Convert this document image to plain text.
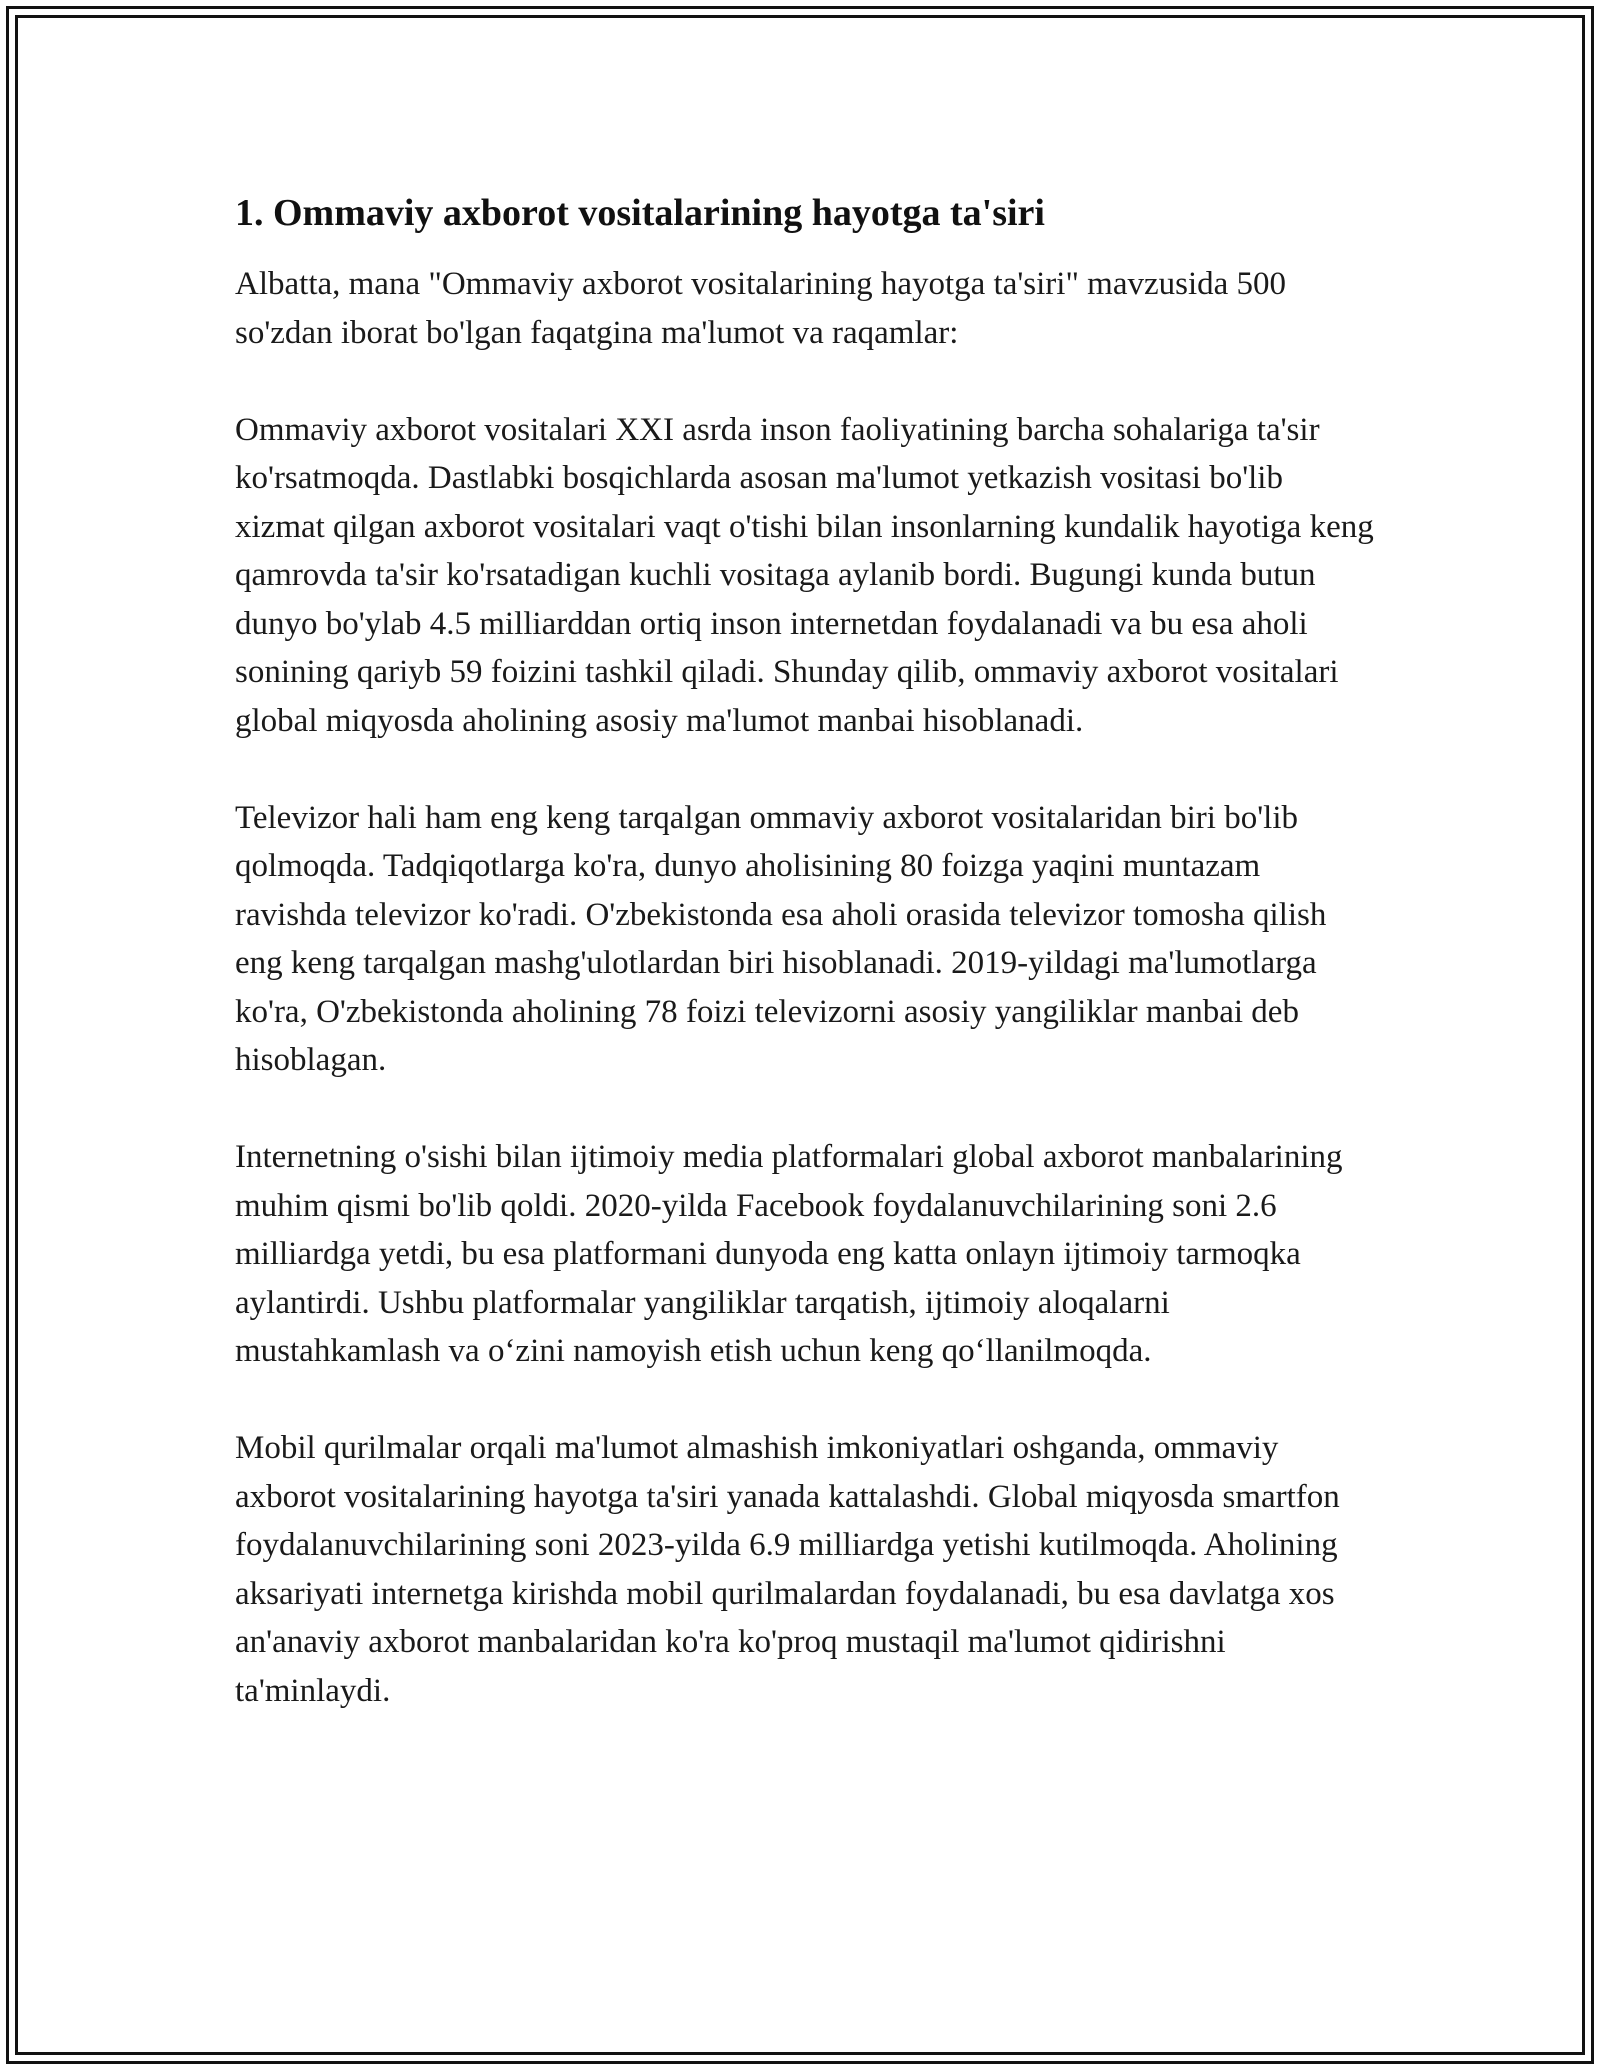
1. Ommaviy axborot vositalarining hayotga ta'siri

Albatta, mana "Ommaviy axborot vositalarining hayotga ta'siri" mavzusida 500 so'zdan iborat bo'lgan faqatgina ma'lumot va raqamlar:

Ommaviy axborot vositalari XXI asrda inson faoliyatining barcha sohalariga ta'sir ko'rsatmoqda. Dastlabki bosqichlarda asosan ma'lumot yetkazish vositasi bo'lib xizmat qilgan axborot vositalari vaqt o'tishi bilan insonlarning kundalik hayotiga keng qamrovda ta'sir ko'rsatadigan kuchli vositaga aylanib bordi. Bugungi kunda butun dunyo bo'ylab 4.5 milliarddan ortiq inson internetdan foydalanadi va bu esa aholi sonining qariyb 59 foizini tashkil qiladi. Shunday qilib, ommaviy axborot vositalari global miqyosda aholining asosiy ma'lumot manbai hisoblanadi.

Televizor hali ham eng keng tarqalgan ommaviy axborot vositalaridan biri bo'lib qolmoqda. Tadqiqotlarga ko'ra, dunyo aholisining 80 foizga yaqini muntazam ravishda televizor ko'radi. O'zbekistonda esa aholi orasida televizor tomosha qilish eng keng tarqalgan mashg'ulotlardan biri hisoblanadi. 2019-yildagi ma'lumotlarga ko'ra, O'zbekistonda aholining 78 foizi televizorni asosiy yangiliklar manbai deb hisoblagan.

Internetning o'sishi bilan ijtimoiy media platformalari global axborot manbalarining muhim qismi bo'lib qoldi. 2020-yilda Facebook foydalanuvchilarining soni 2.6 milliardga yetdi, bu esa platformani dunyoda eng katta onlayn ijtimoiy tarmoqka aylantirdi. Ushbu platformalar yangiliklar tarqatish, ijtimoiy aloqalarni mustahkamlash va o‘zini namoyish etish uchun keng qo‘llanilmoqda.

Mobil qurilmalar orqali ma'lumot almashish imkoniyatlari oshganda, ommaviy axborot vositalarining hayotga ta'siri yanada kattalashdi. Global miqyosda smartfon foydalanuvchilarining soni 2023-yilda 6.9 milliardga yetishi kutilmoqda. Aholining aksariyati internetga kirishda mobil qurilmalardan foydalanadi, bu esa davlatga xos an'anaviy axborot manbalaridan ko'ra ko'proq mustaqil ma'lumot qidirishni ta'minlaydi.
